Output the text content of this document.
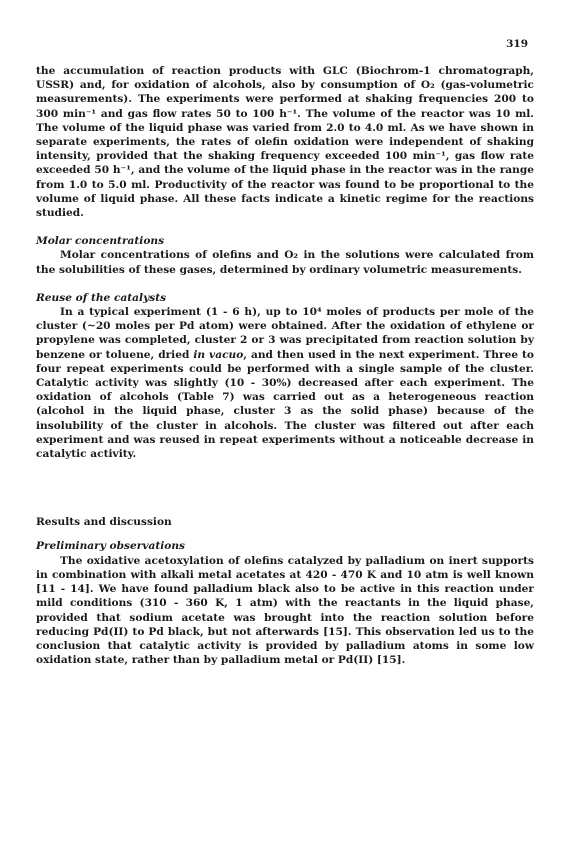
319

the accumulation of reaction products with GLC (Biochrom-1 chromatograph, USSR) and, for oxidation of alcohols, also by consumption of O₂ (gas-volumetric measurements). The experiments were performed at shaking frequencies 200 to 300 min⁻¹ and gas flow rates 50 to 100 h⁻¹. The volume of the reactor was 10 ml. The volume of the liquid phase was varied from 2.0 to 4.0 ml. As we have shown in separate experiments, the rates of olefin oxidation were independent of shaking intensity, provided that the shaking frequency exceeded 100 min⁻¹, gas flow rate exceeded 50 h⁻¹, and the volume of the liquid phase in the reactor was in the range from 1.0 to 5.0 ml. Productivity of the reactor was found to be proportional to the volume of liquid phase. All these facts indicate a kinetic regime for the reactions studied.

Molar concentrations

Molar concentrations of olefins and O₂ in the solutions were calculated from the solubilities of these gases, determined by ordinary volumetric measurements.

Reuse of the catalysts

In a typical experiment (1 - 6 h), up to 10⁴ moles of products per mole of the cluster (~20 moles per Pd atom) were obtained. After the oxidation of ethylene or propylene was completed, cluster 2 or 3 was precipitated from reaction solution by benzene or toluene, dried in vacuo, and then used in the next experiment. Three to four repeat experiments could be performed with a single sample of the cluster. Catalytic activity was slightly (10 - 30%) decreased after each experiment. The oxidation of alcohols (Table 7) was carried out as a heterogeneous reaction (alcohol in the liquid phase, cluster 3 as the solid phase) because of the insolubility of the cluster in alcohols. The cluster was filtered out after each experiment and was reused in repeat experiments without a noticeable decrease in catalytic activity.

Results and discussion

Preliminary observations

The oxidative acetoxylation of olefins catalyzed by palladium on inert supports in combination with alkali metal acetates at 420 - 470 K and 10 atm is well known [11 - 14]. We have found palladium black also to be active in this reaction under mild conditions (310 - 360 K, 1 atm) with the reactants in the liquid phase, provided that sodium acetate was brought into the reaction solution before reducing Pd(II) to Pd black, but not afterwards [15]. This observation led us to the conclusion that catalytic activity is provided by palladium atoms in some low oxidation state, rather than by palladium metal or Pd(II) [15].
